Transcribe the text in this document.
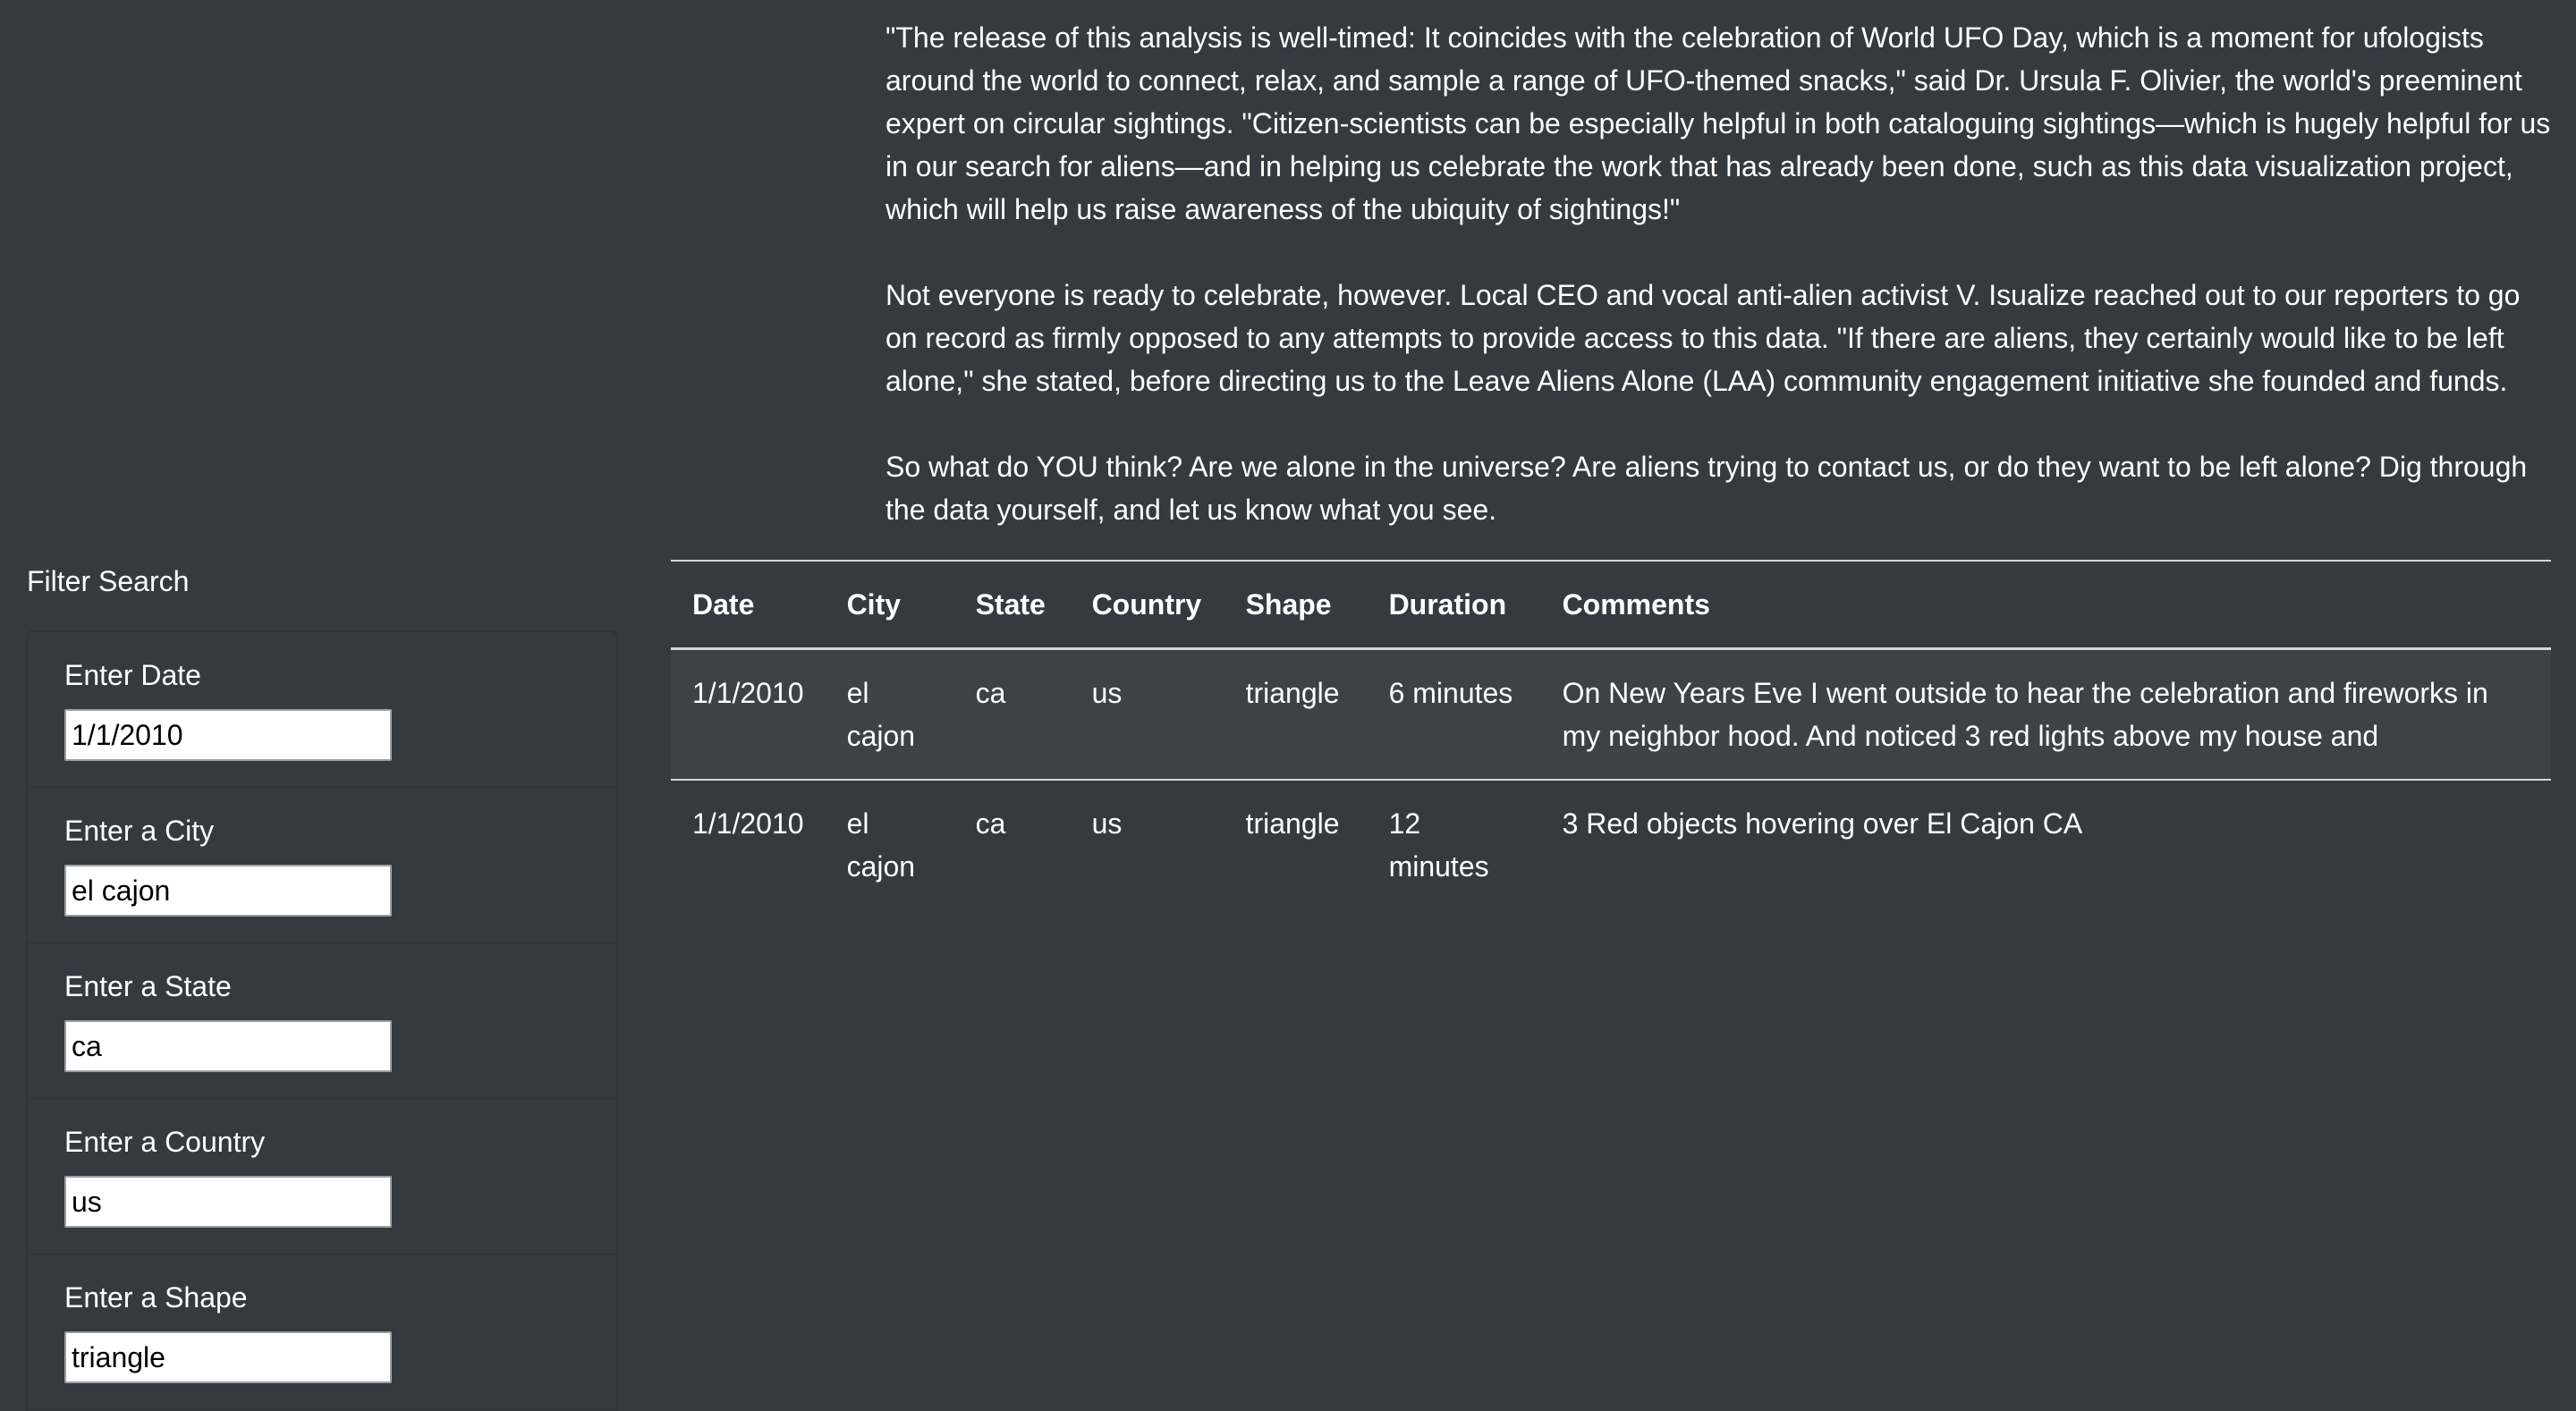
"The release of this analysis is well-timed: It coincides with the celebration of World UFO Day, which is a moment for ufologists around the world to connect, relax, and sample a range of UFO-themed snacks," said Dr. Ursula F. Olivier, the world's preeminent expert on circular sightings. "Citizen-scientists can be especially helpful in both cataloguing sightings—which is hugely helpful for us in our search for aliens—and in helping us celebrate the work that has already been done, such as this data visualization project, which will help us raise awareness of the ubiquity of sightings!"

Not everyone is ready to celebrate, however. Local CEO and vocal anti-alien activist V. Isualize reached out to our reporters to go on record as firmly opposed to any attempts to provide access to this data. "If there are aliens, they certainly would like to be left alone," she stated, before directing us to the Leave Aliens Alone (LAA) community engagement initiative she founded and funds.

So what do YOU think? Are we alone in the universe? Are aliens trying to contact us, or do they want to be left alone? Dig through the data yourself, and let us know what you see.

Filter Search
Enter Date
1/1/2010
Enter a City
el cajon
Enter a State
ca
Enter a Country
us
Enter a Shape
triangle
Date	City	State	Country	Shape	Duration	Comments
1/1/2010	el cajon	ca	us	triangle	6 minutes	On New Years Eve I went outside to hear the celebration and fireworks in my neighbor hood. And noticed 3 red lights above my house and
1/1/2010	el cajon	ca	us	triangle	12 minutes	3 Red objects hovering over El Cajon CA
